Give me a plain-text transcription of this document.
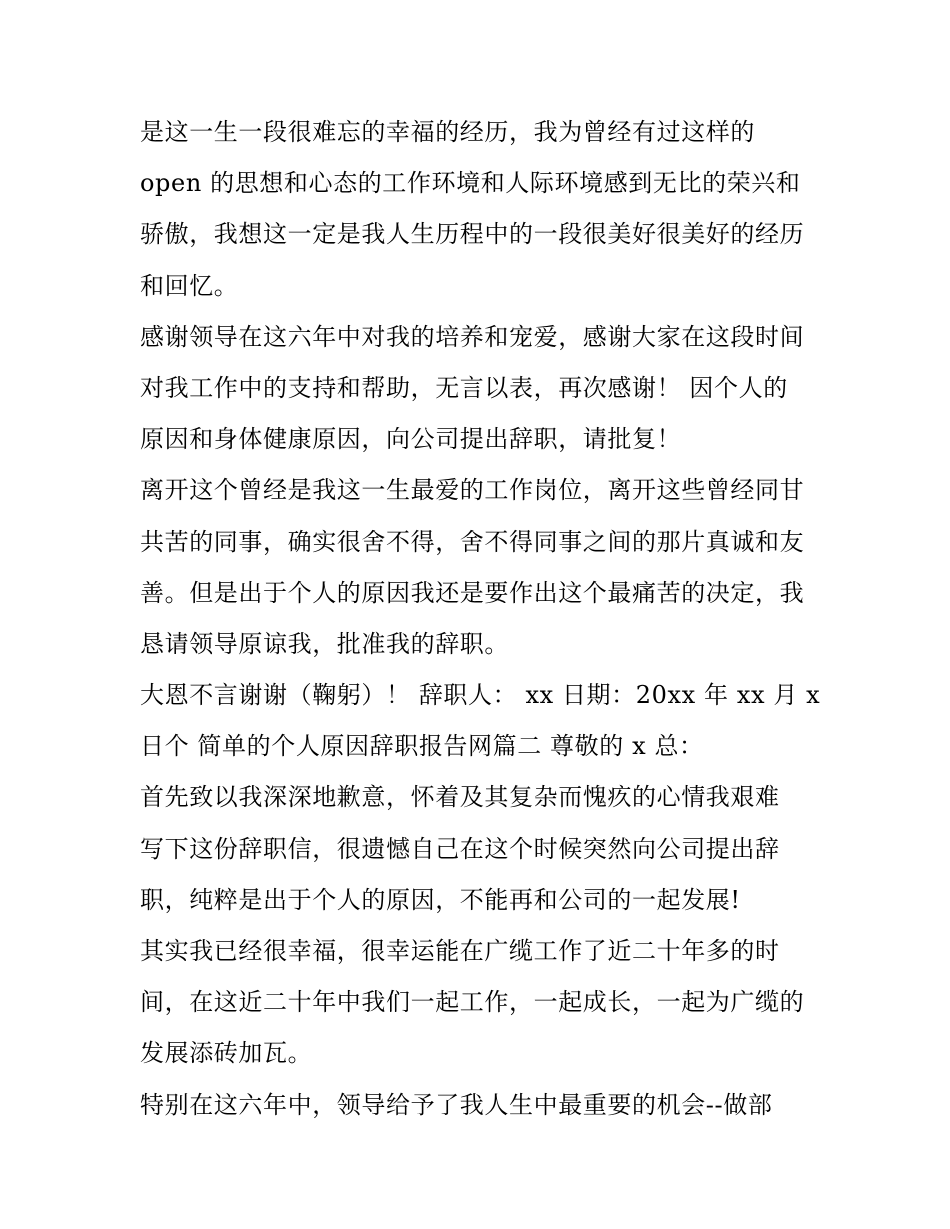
是这一生一段很难忘的幸福的经历，我为曾经有过这样的
open 的思想和心态的工作环境和人际环境感到无比的荣兴和
骄傲，我想这一定是我人生历程中的一段很美好很美好的经历
和回忆。
感谢领导在这六年中对我的培养和宠爱，感谢大家在这段时间
对我工作中的支持和帮助，无言以表，再次感谢！ 因个人的
原因和身体健康原因，向公司提出辞职，请批复！
离开这个曾经是我这一生最爱的工作岗位，离开这些曾经同甘
共苦的同事，确实很舍不得，舍不得同事之间的那片真诚和友
善。但是出于个人的原因我还是要作出这个最痛苦的决定，我
恳请领导原谅我，批准我的辞职。
大恩不言谢谢（鞠躬）！ 辞职人： xx 日期：20xx 年 xx 月 x
日个 简单的个人原因辞职报告网篇二 尊敬的 x 总：
首先致以我深深地歉意，怀着及其复杂而愧疚的心情我艰难
写下这份辞职信，很遗憾自己在这个时候突然向公司提出辞
职，纯粹是出于个人的原因，不能再和公司的一起发展!
其实我已经很幸福，很幸运能在广缆工作了近二十年多的时
间，在这近二十年中我们一起工作，一起成长，一起为广缆的
发展添砖加瓦。
特别在这六年中，领导给予了我人生中最重要的机会--做部
